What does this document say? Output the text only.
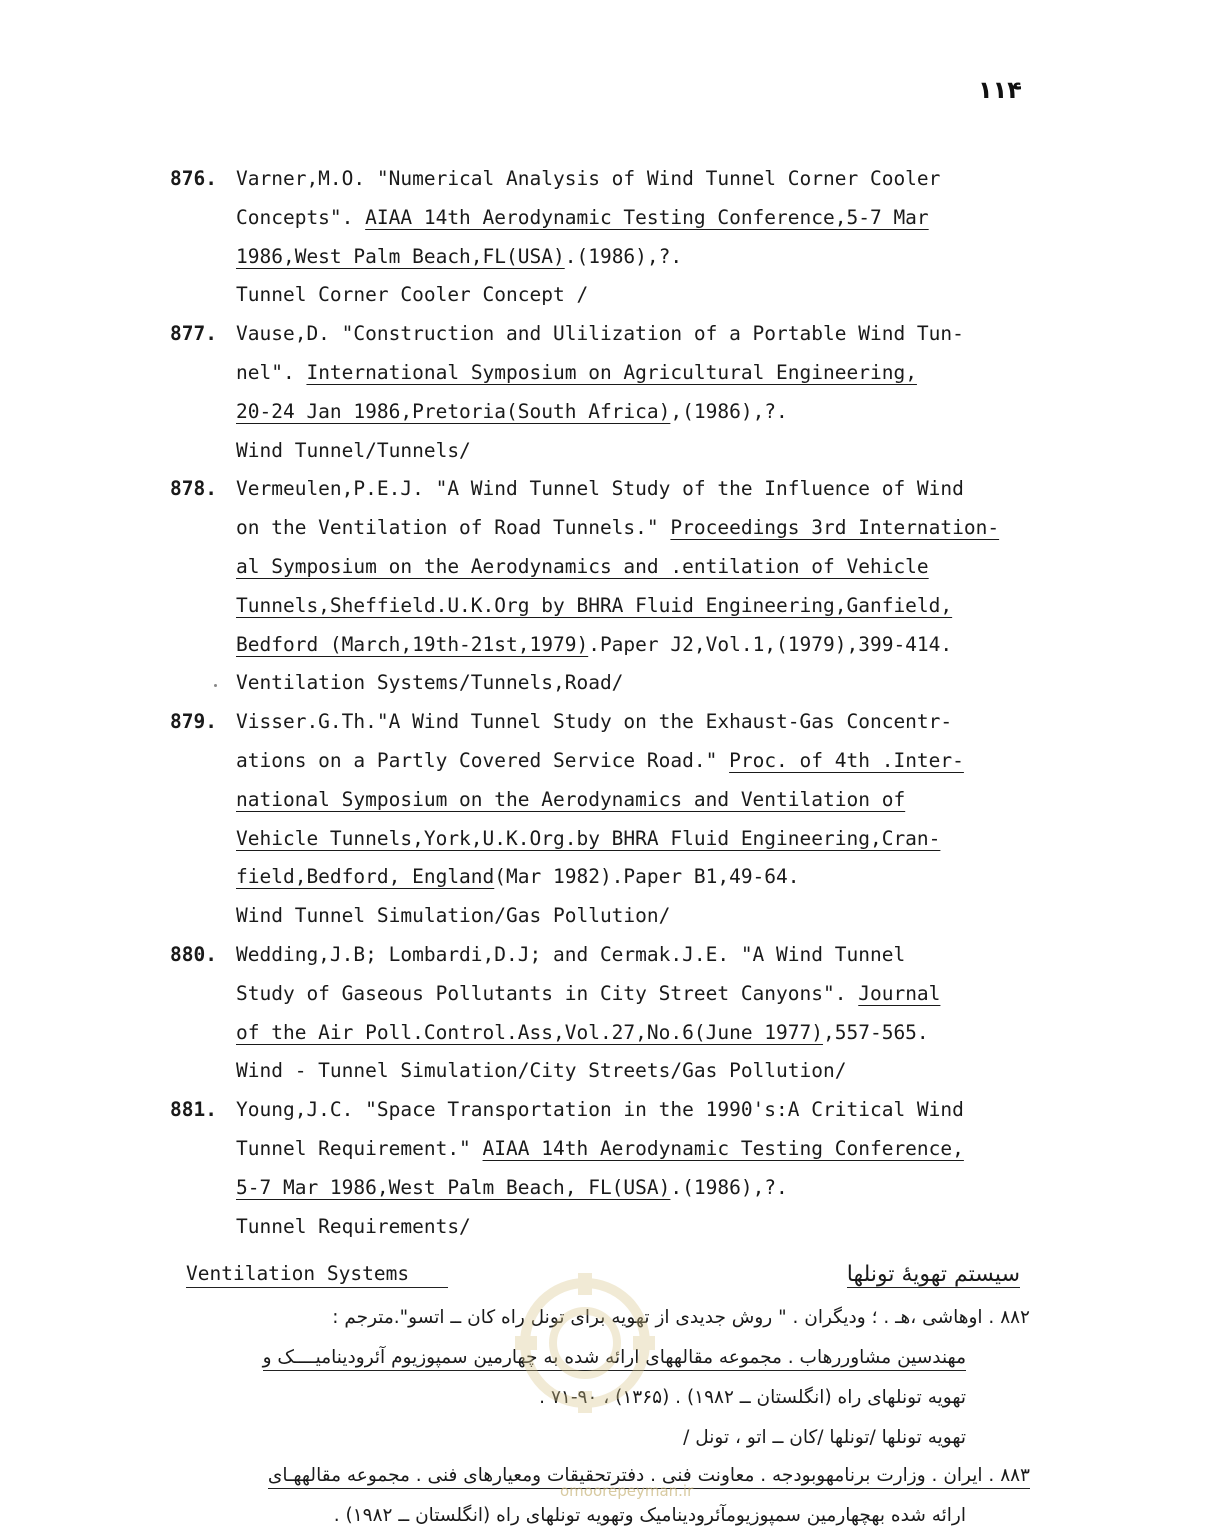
۱۱۴
876. Varner,M.O. "Numerical Analysis of Wind Tunnel Corner Cooler
Concepts". AIAA 14th Aerodynamic Testing Conference,5-7 Mar
1986,West Palm Beach,FL(USA).(1986),?.
Tunnel Corner Cooler Concept /
877. Vause,D. "Construction and Ulilization of a Portable Wind Tun-
nel". International Symposium on Agricultural Engineering,
20-24 Jan 1986,Pretoria(South Africa),(1986),?.
Wind Tunnel/Tunnels/
878. Vermeulen,P.E.J. "A Wind Tunnel Study of the Influence of Wind
on the Ventilation of Road Tunnels." Proceedings 3rd Internation-
al Symposium on the Aerodynamics and .entilation of Vehicle
Tunnels,Sheffield.U.K.Org by BHRA Fluid Engineering,Ganfield,
Bedford (March,19th-21st,1979).Paper J2,Vol.1,(1979),399-414.
Ventilation Systems/Tunnels,Road/
879. Visser.G.Th."A Wind Tunnel Study on the Exhaust-Gas Concentr-
ations on a Partly Covered Service Road." Proc. of 4th .Inter-
national Symposium on the Aerodynamics and Ventilation of
Vehicle Tunnels,York,U.K.Org.by BHRA Fluid Engineering,Cran-
field,Bedford, England(Mar 1982).Paper B1,49-64.
Wind Tunnel Simulation/Gas Pollution/
880. Wedding,J.B; Lombardi,D.J; and Cermak.J.E. "A Wind Tunnel
Study of Gaseous Pollutants in City Street Canyons". Journal
of the Air Poll.Control.Ass,Vol.27,No.6(June 1977),557-565.
Wind - Tunnel Simulation/City Streets/Gas Pollution/
881. Young,J.C. "Space Transportation in the 1990's:A Critical Wind
Tunnel Requirement." AIAA 14th Aerodynamic Testing Conference,
5-7 Mar 1986,West Palm Beach, FL(USA).(1986),?.
Tunnel Requirements/
Ventilation Systems	سیستم تهویهٔ تونلها
۸۸۲ . اوهاشی ،هـ . ؛ ودیگران . " روش جدیدی از تهویه برای تونل راه کان ــ اتسو".مترجم :
مهندسین مشاوررهاب . مجموعه مقالههای ارائه شده به چهارمین سمپوزیوم آئرودینامیــــک و
تهویه تونلهای راه (انگلستان ــ ۱۹۸۲) . (۱۳۶۵) ، ۹۰-۷۱ .
تهویه تونلها /تونلها /کان ــ اتو ، تونل /
۸۸۳ . ایران . وزارت برنامهوبودجه . معاونت فنی . دفترتحقیقات ومعیارهای فنی . مجموعه مقالههـای
ارائه شده بهچهارمین سمپوزیومآئرودینامیک وتهویه تونلهای راه (انگلستان ــ ۱۹۸۲) .
omoorepeyman.ir
